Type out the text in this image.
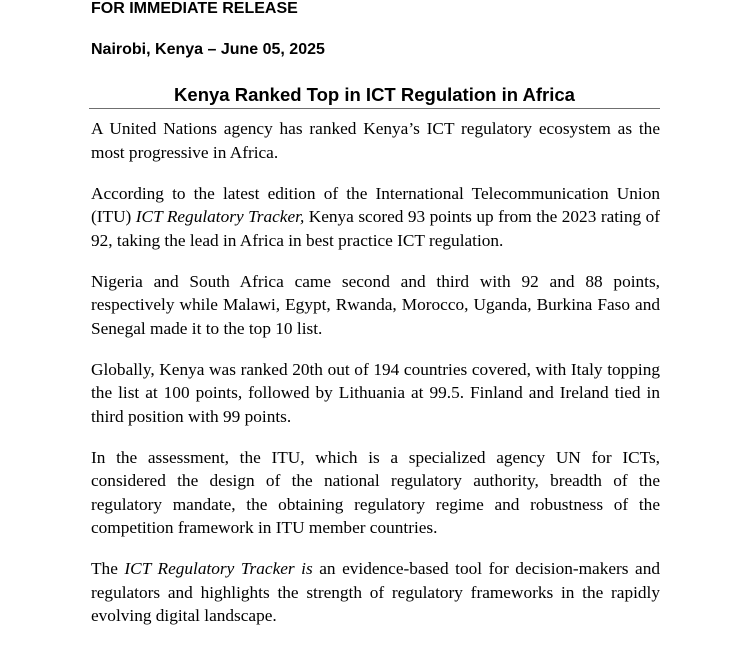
FOR IMMEDIATE RELEASE

Nairobi, Kenya – June 05, 2025

Kenya Ranked Top in ICT Regulation in Africa

A United Nations agency has ranked Kenya’s ICT regulatory ecosystem as the most progressive in Africa.

According to the latest edition of the International Telecommunication Union (ITU) ICT Regulatory Tracker, Kenya scored 93 points up from the 2023 rating of 92, taking the lead in Africa in best practice ICT regulation.

Nigeria and South Africa came second and third with 92 and 88 points, respectively while Malawi, Egypt, Rwanda, Morocco, Uganda, Burkina Faso and Senegal made it to the top 10 list.

Globally, Kenya was ranked 20th out of 194 countries covered, with Italy topping the list at 100 points, followed by Lithuania at 99.5. Finland and Ireland tied in third position with 99 points.

In the assessment, the ITU, which is a specialized agency UN for ICTs, considered the design of the national regulatory authority, breadth of the regulatory mandate, the obtaining regulatory regime and robustness of the competition framework in ITU member countries.

The ICT Regulatory Tracker is an evidence-based tool for decision-makers and regulators and highlights the strength of regulatory frameworks in the rapidly evolving digital landscape.
